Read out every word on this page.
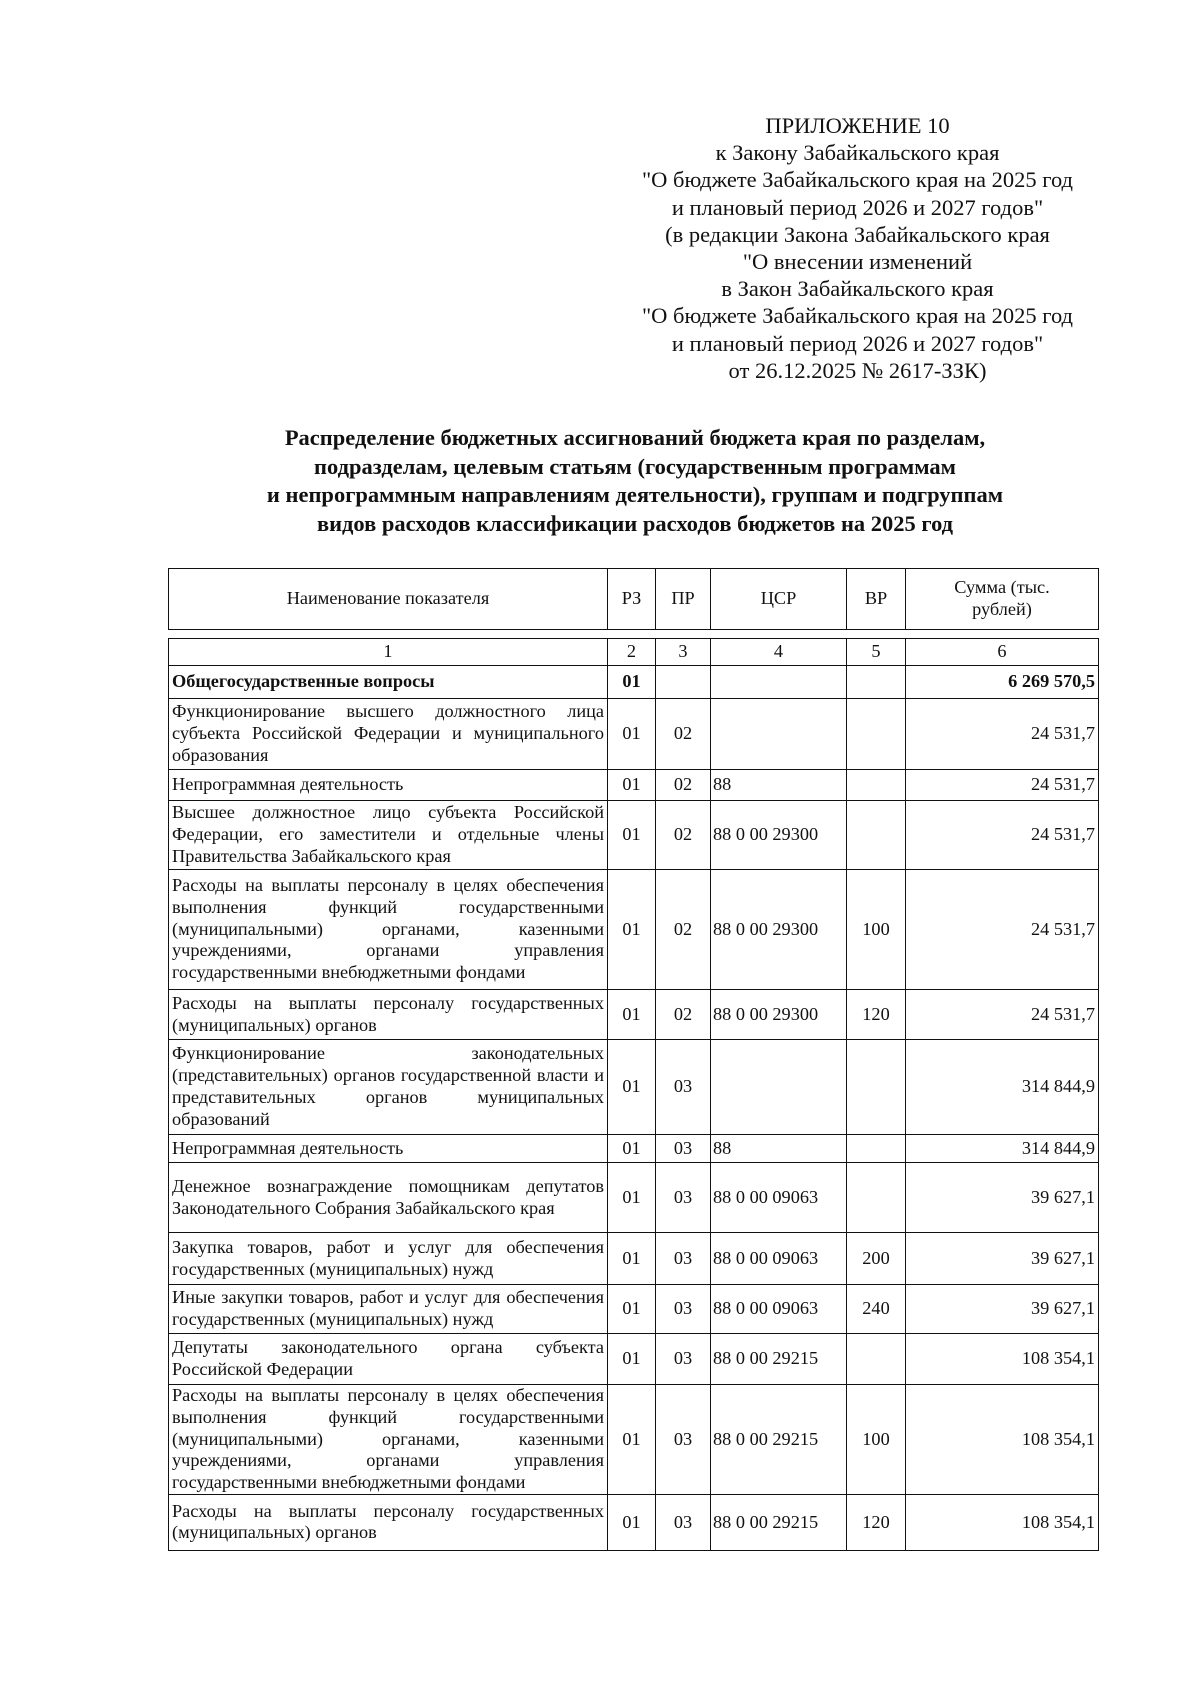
ПРИЛОЖЕНИЕ 10
к Закону Забайкальского края
"О бюджете Забайкальского края на 2025 год
и плановый период 2026 и 2027 годов"
(в редакции Закона Забайкальского края
"О внесении изменений
в Закон Забайкальского края
"О бюджете Забайкальского края на 2025 год
и плановый период 2026 и 2027 годов"
от 26.12.2025 № 2617-ЗЗК)
Распределение бюджетных ассигнований бюджета края по разделам,
подразделам, целевым статьям (государственным программам
и непрограммным направлениям деятельности), группам и подгруппам
видов расходов классификации расходов бюджетов на 2025 год
Наименование показателя	РЗ	ПР	ЦСР	ВР	Сумма (тыс. рублей)
1	2	3	4	5	6
Общегосударственные вопросы	01				6 269 570,5
Функционирование высшего должностного лица субъекта Российской Федерации и муниципального образования	01	02			24 531,7
Непрограммная деятельность	01	02	88		24 531,7
Высшее должностное лицо субъекта Российской Федерации, его заместители и отдельные члены Правительства Забайкальского края	01	02	88 0 00 29300		24 531,7
Расходы на выплаты персоналу в целях обеспечения выполнения функций государственными (муниципальными) органами, казенными учреждениями, органами управления государственными внебюджетными фондами	01	02	88 0 00 29300	100	24 531,7
Расходы на выплаты персоналу государственных (муниципальных) органов	01	02	88 0 00 29300	120	24 531,7
Функционирование законодательных (представительных) органов государственной власти и представительных органов муниципальных образований	01	03			314 844,9
Непрограммная деятельность	01	03	88		314 844,9
Денежное вознаграждение помощникам депутатов Законодательного Собрания Забайкальского края	01	03	88 0 00 09063		39 627,1
Закупка товаров, работ и услуг для обеспечения государственных (муниципальных) нужд	01	03	88 0 00 09063	200	39 627,1
Иные закупки товаров, работ и услуг для обеспечения государственных (муниципальных) нужд	01	03	88 0 00 09063	240	39 627,1
Депутаты законодательного органа субъекта Российской Федерации	01	03	88 0 00 29215		108 354,1
Расходы на выплаты персоналу в целях обеспечения выполнения функций государственными (муниципальными) органами, казенными учреждениями, органами управления государственными внебюджетными фондами	01	03	88 0 00 29215	100	108 354,1
Расходы на выплаты персоналу государственных (муниципальных) органов	01	03	88 0 00 29215	120	108 354,1
